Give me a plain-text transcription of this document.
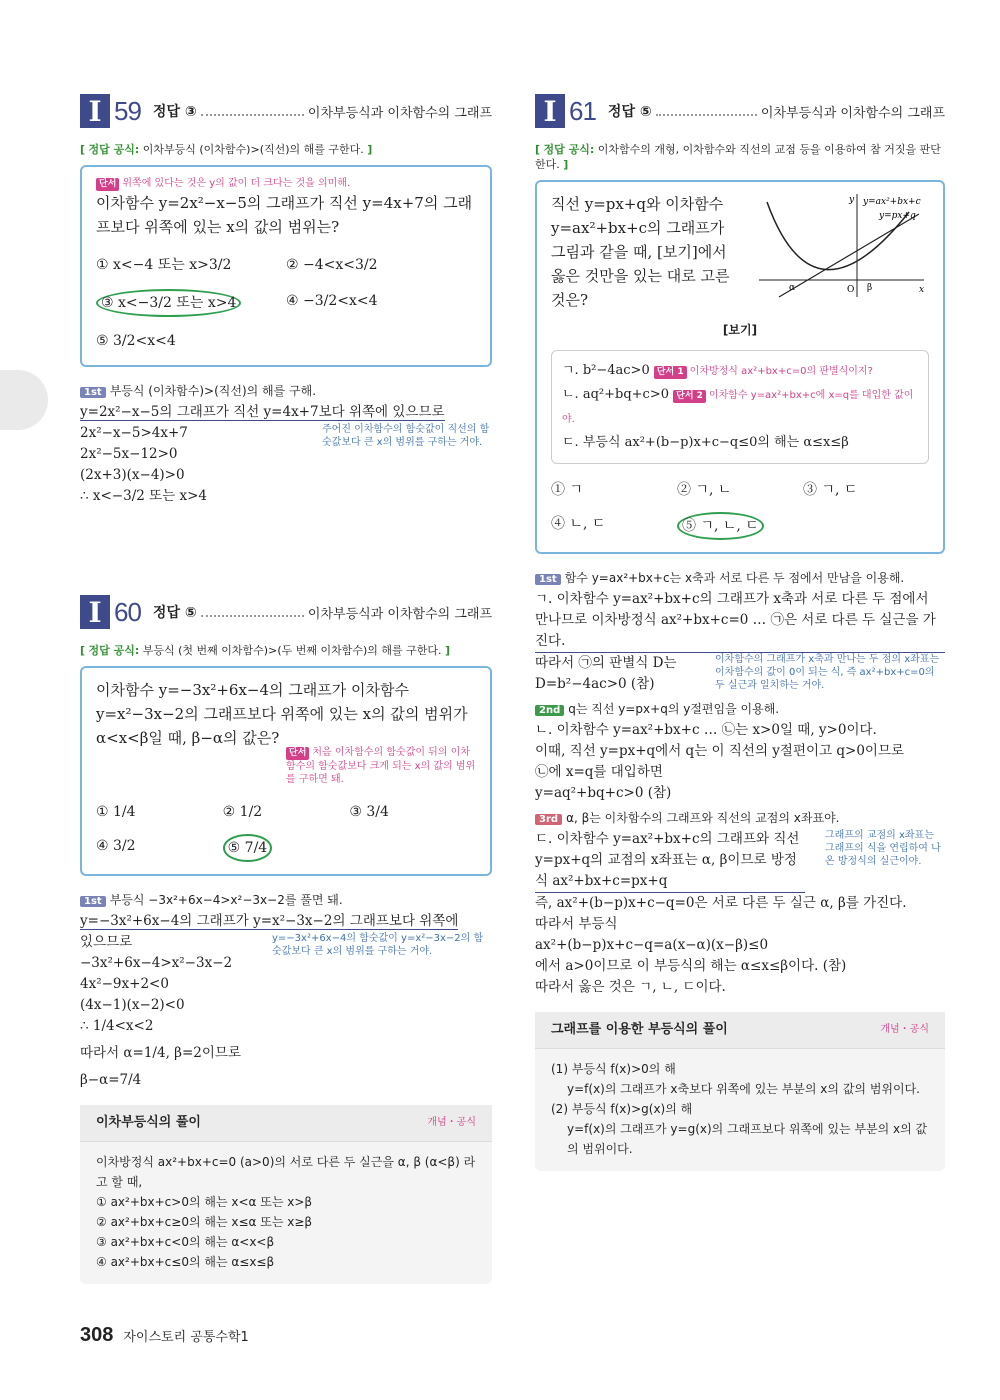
I 59 정답 ③	이차부등식과 이차함수의 그래프
[ 정답 공식: 이차부등식 (이차함수)>(직선)의 해를 구한다. ]
단서 위쪽에 있다는 것은 y의 값이 더 크다는 것을 의미해.
이차함수 y=2x²−x−5의 그래프가 직선 y=4x+7의 그래프보다 위쪽에 있는 x의 값의 범위는?
① x<−4 또는 x>3/2	② −4<x<3/2
③ x<−3/2 또는 x>4	④ −3/2<x<4
⑤ 3/2<x<4
1st 부등식 (이차함수)>(직선)의 해를 구해.
y=2x²−x−5의 그래프가 직선 y=4x+7보다 위쪽에 있으므로
2x²−x−5>4x+7
2x²−5x−12>0
(2x+3)(x−4)>0
∴ x<−3/2 또는 x>4
주어진 이차함수의 함숫값이 직선의 함숫값보다 큰 x의 범위를 구하는 거야.
I 60 정답 ⑤	이차부등식과 이차함수의 그래프
[ 정답 공식: 부등식 (첫 번째 이차함수)>(두 번째 이차함수)의 해를 구한다. ]
이차함수 y=−3x²+6x−4의 그래프가 이차함수 y=x²−3x−2의 그래프보다 위쪽에 있는 x의 값의 범위가 α<x<β일 때, β−α의 값은?
단서 처음 이차함수의 함숫값이 뒤의 이차함수의 함숫값보다 크게 되는 x의 값의 범위를 구하면 돼.
① 1/4	② 1/2	③ 3/4
④ 3/2	⑤ 7/4
1st 부등식 −3x²+6x−4>x²−3x−2를 풀면 돼.
y=−3x²+6x−4의 그래프가 y=x²−3x−2의 그래프보다 위쪽에
있으므로
−3x²+6x−4>x²−3x−2
y=−3x²+6x−4의 함숫값이 y=x²−3x−2의 함숫값보다 큰 x의 범위를 구하는 거야.
4x²−9x+2<0
(4x−1)(x−2)<0
∴ 1/4<x<2
따라서 α=1/4, β=2이므로
β−α=7/4
이차부등식의 풀이	개념・공식
이차방정식 ax²+bx+c=0 (a>0)의 서로 다른 두 실근을 α, β (α<β) 라고 할 때,
① ax²+bx+c>0의 해는 x<α 또는 x>β
② ax²+bx+c≥0의 해는 x≤α 또는 x≥β
③ ax²+bx+c<0의 해는 α<x<β
④ ax²+bx+c≤0의 해는 α≤x≤β
I 61 정답 ⑤	이차부등식과 이차함수의 그래프
[ 정답 공식: 이차함수의 개형, 이차함수와 직선의 교점 등을 이용하여 참 거짓을 판단한다. ]
직선 y=px+q와 이차함수 y=ax²+bx+c의 그래프가 그림과 같을 때, [보기]에서 옳은 것만을 있는 대로 고른 것은?
y
x
O
α	β
y=ax²+bx+c
y=px+q
[보기]
ㄱ. b²−4ac>0 단서 1 이차방정식 ax²+bx+c=0의 판별식이지?
ㄴ. aq²+bq+c>0 단서 2 이차함수 y=ax²+bx+c에 x=q를 대입한 값이야.
ㄷ. 부등식 ax²+(b−p)x+c−q≤0의 해는 α≤x≤β
① ㄱ	② ㄱ, ㄴ	③ ㄱ, ㄷ
④ ㄴ, ㄷ	⑤ ㄱ, ㄴ, ㄷ
1st 함수 y=ax²+bx+c는 x축과 서로 다른 두 점에서 만남을 이용해.
ㄱ. 이차함수 y=ax²+bx+c의 그래프가 x축과 서로 다른 두 점에서 만나므로 이차방정식 ax²+bx+c=0 … ㉠은 서로 다른 두 실근을 가진다.
따라서 ㉠의 판별식 D는
D=b²−4ac>0 (참)
이차함수의 그래프가 x축과 만나는 두 점의 x좌표는 이차함수의 값이 0이 되는 식, 즉 ax²+bx+c=0의 두 실근과 일치하는 거야.
2nd q는 직선 y=px+q의 y절편임을 이용해.
ㄴ. 이차함수 y=ax²+bx+c … ㉡는 x>0일 때, y>0이다.
이때, 직선 y=px+q에서 q는 이 직선의 y절편이고 q>0이므로
㉡에 x=q를 대입하면
y=aq²+bq+c>0 (참)
3rd α, β는 이차함수의 그래프와 직선의 교점의 x좌표야.
ㄷ. 이차함수 y=ax²+bx+c의 그래프와 직선 y=px+q의 교점의 x좌표는 α, β이므로 방정식 ax²+bx+c=px+q
그래프의 교점의 x좌표는 그래프의 식을 연립하여 나온 방정식의 실근이야.
즉, ax²+(b−p)x+c−q=0은 서로 다른 두 실근 α, β를 가진다.
따라서 부등식
ax²+(b−p)x+c−q=a(x−α)(x−β)≤0
에서 a>0이므로 이 부등식의 해는 α≤x≤β이다. (참)
따라서 옳은 것은 ㄱ, ㄴ, ㄷ이다.
그래프를 이용한 부등식의 풀이	개념・공식
(1) 부등식 f(x)>0의 해
y=f(x)의 그래프가 x축보다 위쪽에 있는 부분의 x의 값의 범위이다.
(2) 부등식 f(x)>g(x)의 해
y=f(x)의 그래프가 y=g(x)의 그래프보다 위쪽에 있는 부분의 x의 값의 범위이다.
308 자이스토리 공통수학1
